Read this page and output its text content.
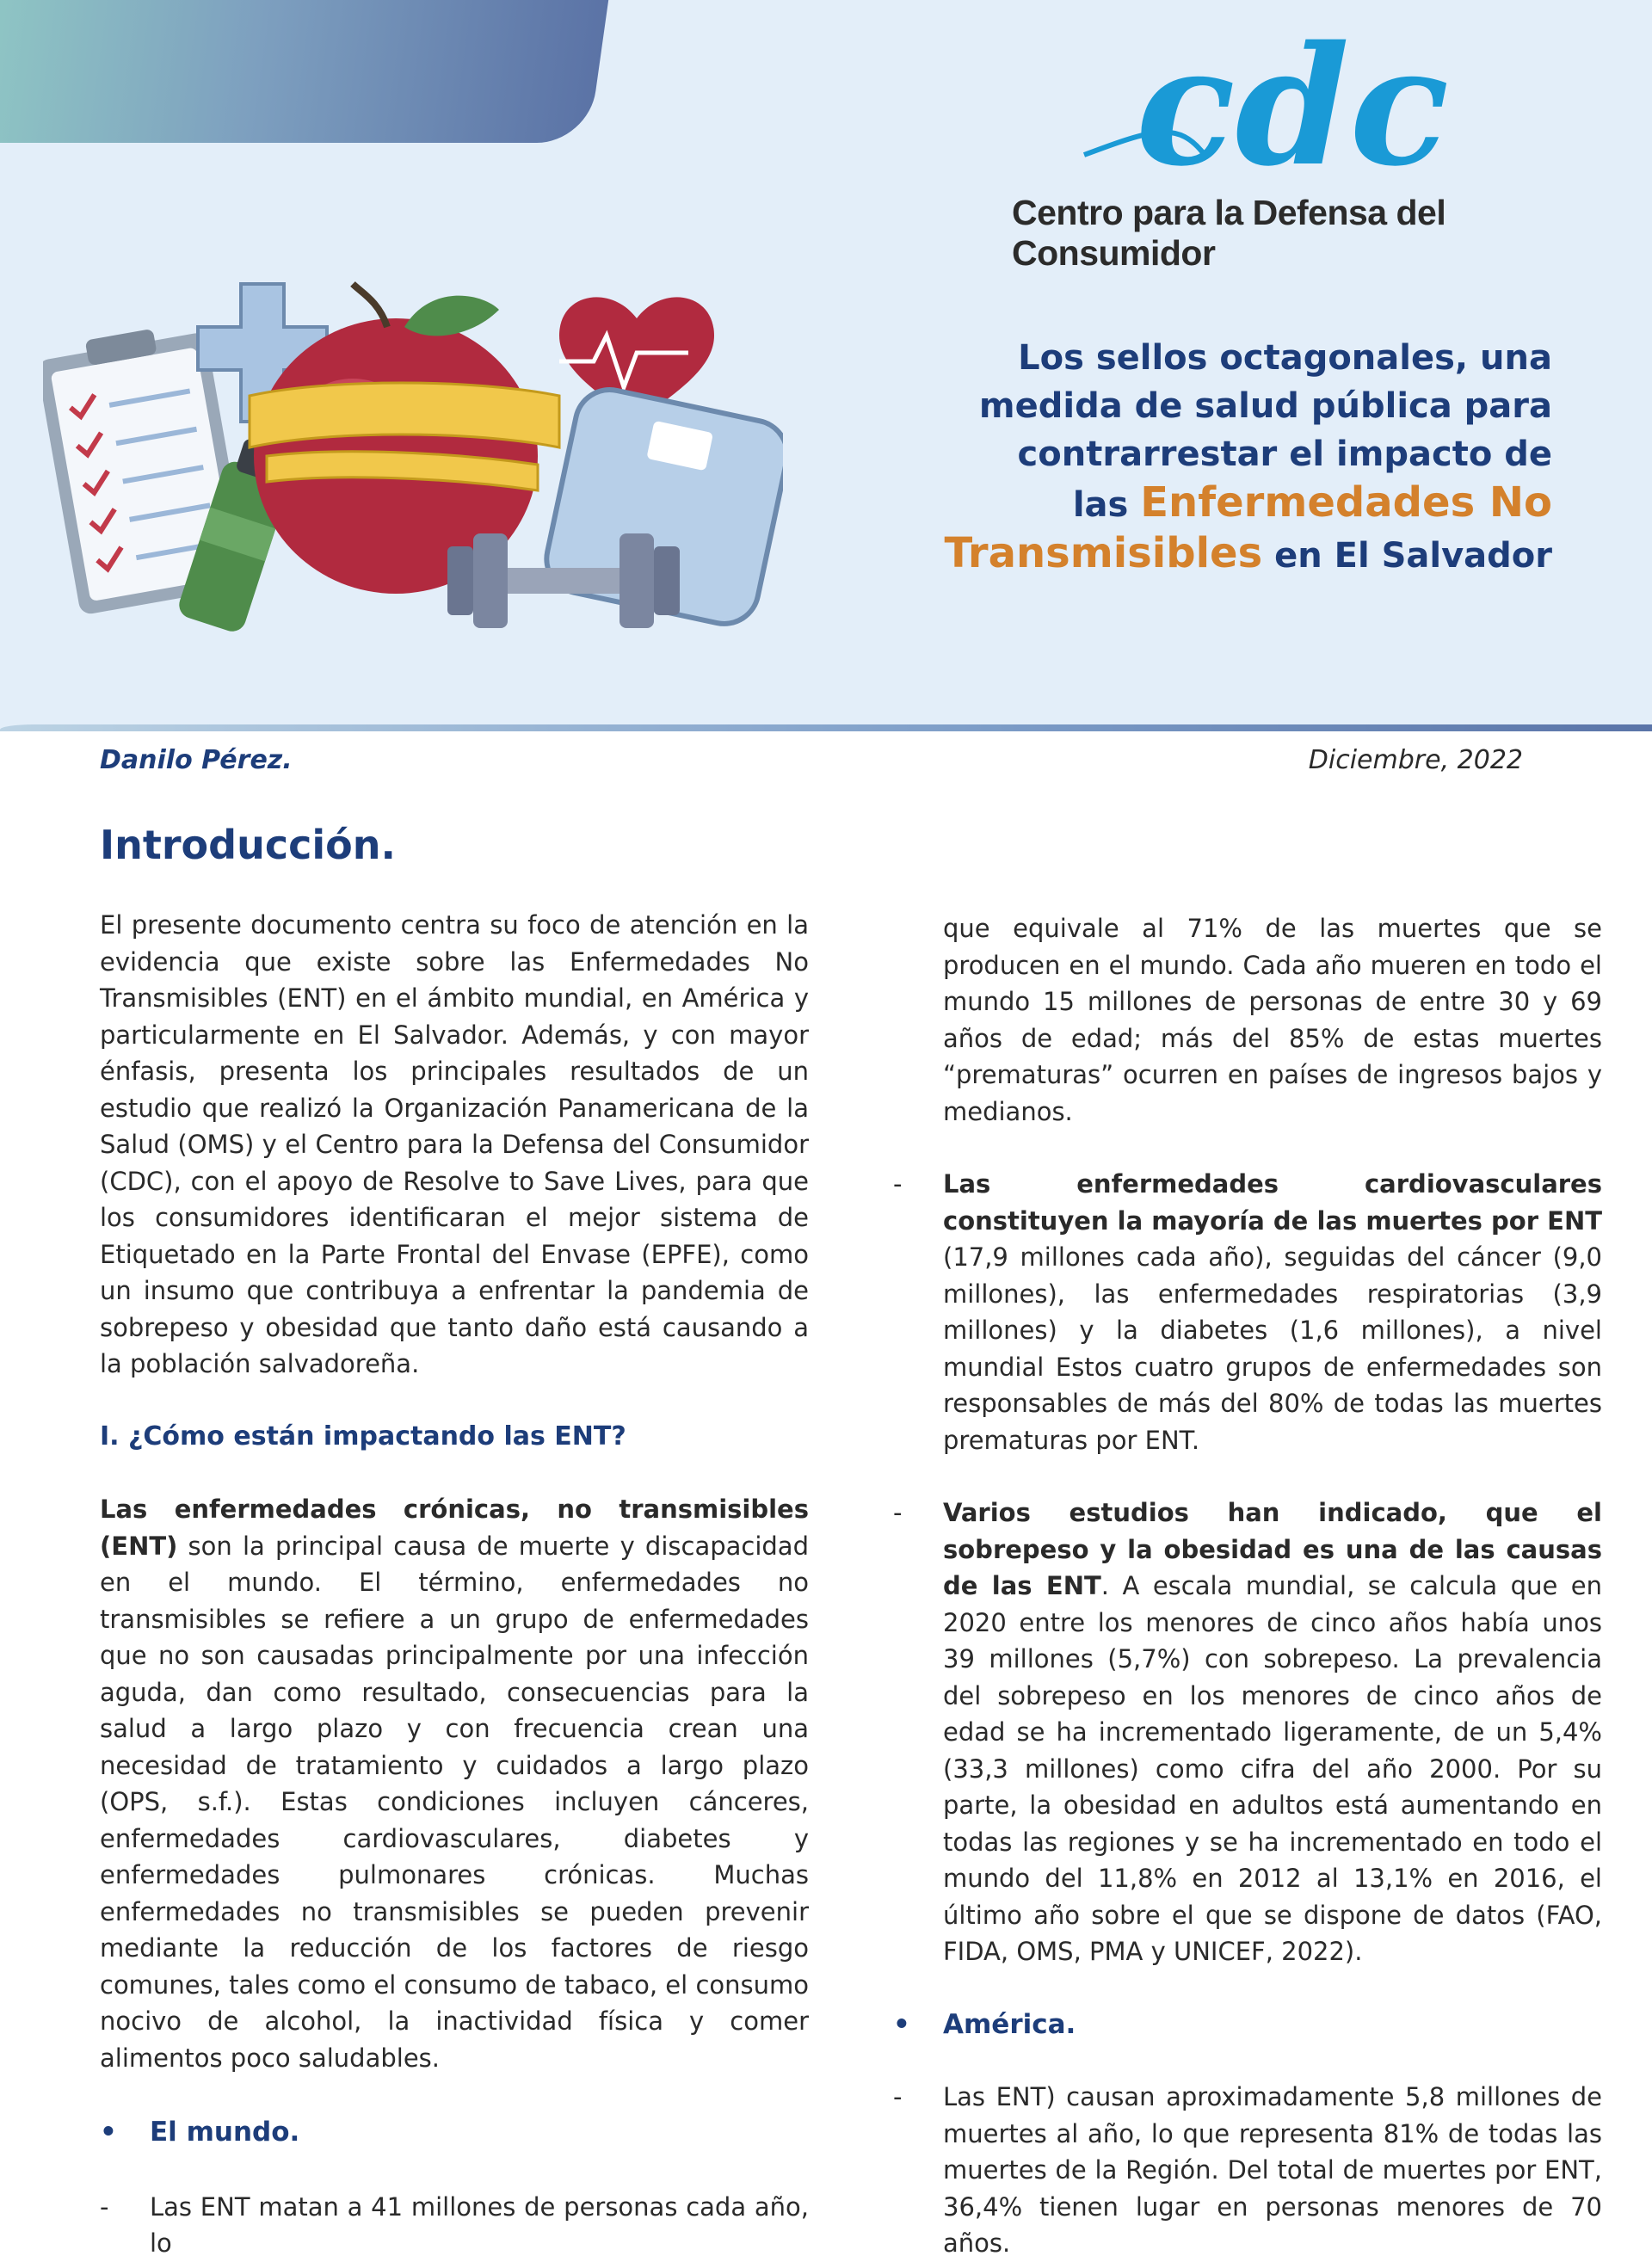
cdc
Centro para la Defensa del Consumidor
Los sellos octagonales, una
medida de salud pública para
contrarrestar el impacto de
las Enfermedades No
Transmisibles en El Salvador
Danilo Pérez.	Diciembre, 2022
Introducción.

El presente documento centra su foco de atención en la evidencia que existe sobre las Enfermedades No Transmisibles (ENT) en el ámbito mundial, en América y particularmente en El Salvador. Además, y con mayor énfasis, presenta los principales resultados de un estudio que realizó la Organización Panamericana de la Salud (OMS) y el Centro para la Defensa del Consumidor (CDC), con el apoyo de Resolve to Save Lives, para que los consumidores identificaran el mejor sistema de Etiquetado en la Parte Frontal del Envase (EPFE), como un insumo que contribuya a enfrentar la pandemia de sobrepeso y obesidad que tanto daño está causando a la población salvadoreña.

I. ¿Cómo están impactando las ENT?

Las enfermedades crónicas, no transmisibles (ENT) son la principal causa de muerte y discapacidad en el mundo. El término, enfermedades no transmisibles se refiere a un grupo de enfermedades que no son causadas principalmente por una infección aguda, dan como resultado, consecuencias para la salud a largo plazo y con frecuencia crean una necesidad de tratamiento y cuidados a largo plazo (OPS, s.f.). Estas condiciones incluyen cánceres, enfermedades cardiovasculares, diabetes y enfermedades pulmonares crónicas. Muchas enfermedades no transmisibles se pueden prevenir mediante la reducción de los factores de riesgo comunes, tales como el consumo de tabaco, el consumo nocivo de alcohol, la inactividad física y comer alimentos poco saludables.

• El mundo.
- Las ENT matan a 41 millones de personas cada año, lo
que equivale al 71% de las muertes que se producen en el mundo. Cada año mueren en todo el mundo 15 millones de personas de entre 30 y 69 años de edad; más del 85% de estas muertes “prematuras” ocurren en países de ingresos bajos y medianos.
- Las enfermedades cardiovasculares constituyen la mayoría de las muertes por ENT (17,9 millones cada año), seguidas del cáncer (9,0 millones), las enfermedades respiratorias (3,9 millones) y la diabetes (1,6 millones), a nivel mundial Estos cuatro grupos de enfermedades son responsables de más del 80% de todas las muertes prematuras por ENT.
- Varios estudios han indicado, que el sobrepeso y la obesidad es una de las causas de las ENT. A escala mundial, se calcula que en 2020 entre los menores de cinco años había unos 39 millones (5,7%) con sobrepeso. La prevalencia del sobrepeso en los menores de cinco años de edad se ha incrementado ligeramente, de un 5,4% (33,3 millones) como cifra del año 2000. Por su parte, la obesidad en adultos está aumentando en todas las regiones y se ha incrementado en todo el mundo del 11,8% en 2012 al 13,1% en 2016, el último año sobre el que se dispone de datos (FAO, FIDA, OMS, PMA y UNICEF, 2022).
• América.
- Las ENT) causan aproximadamente 5,8 millones de muertes al año, lo que representa 81% de todas las muertes de la Región. Del total de muertes por ENT, 36,4% tienen lugar en personas menores de 70 años.
